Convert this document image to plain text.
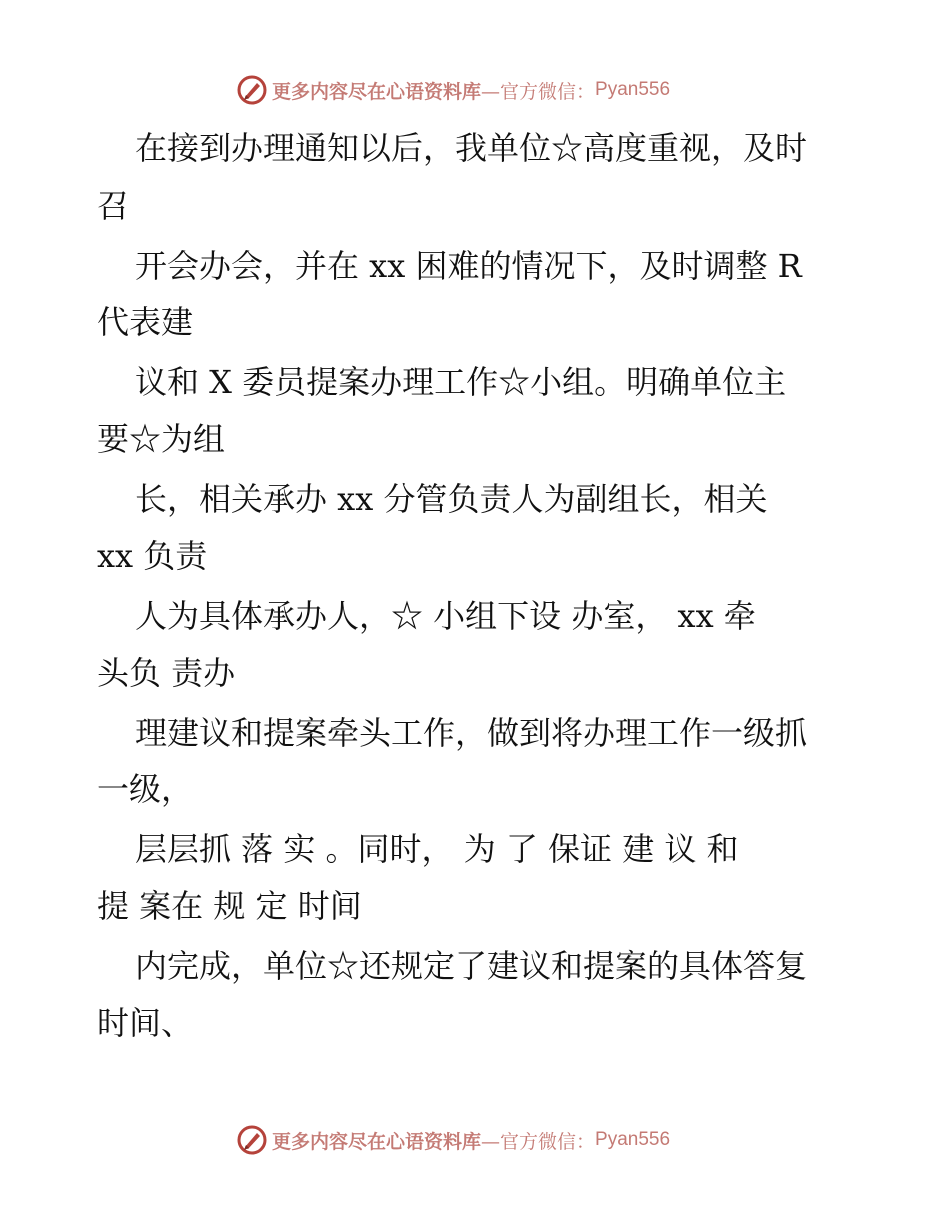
更多内容尽在心语资料库 —官方微信： Pyan556
在接到办理通知以后，我单位☆高度重视，及时
召
开会办会，并在 xx 困难的情况下，及时调整 R
代表建
议和 X 委员提案办理工作☆小组。明确单位主
要☆为组
长，相关承办 xx 分管负责人为副组长，相关
xx 负责
人为具体承办人，☆ 小组下设 办室， xx 牵
头负 责办
理建议和提案牵头工作，做到将办理工作一级抓
一级，
层层抓 落 实 。同时， 为 了 保证 建 议 和
提 案在 规 定 时间
内完成，单位☆还规定了建议和提案的具体答复
时间、
更多内容尽在心语资料库 —官方微信： Pyan556
